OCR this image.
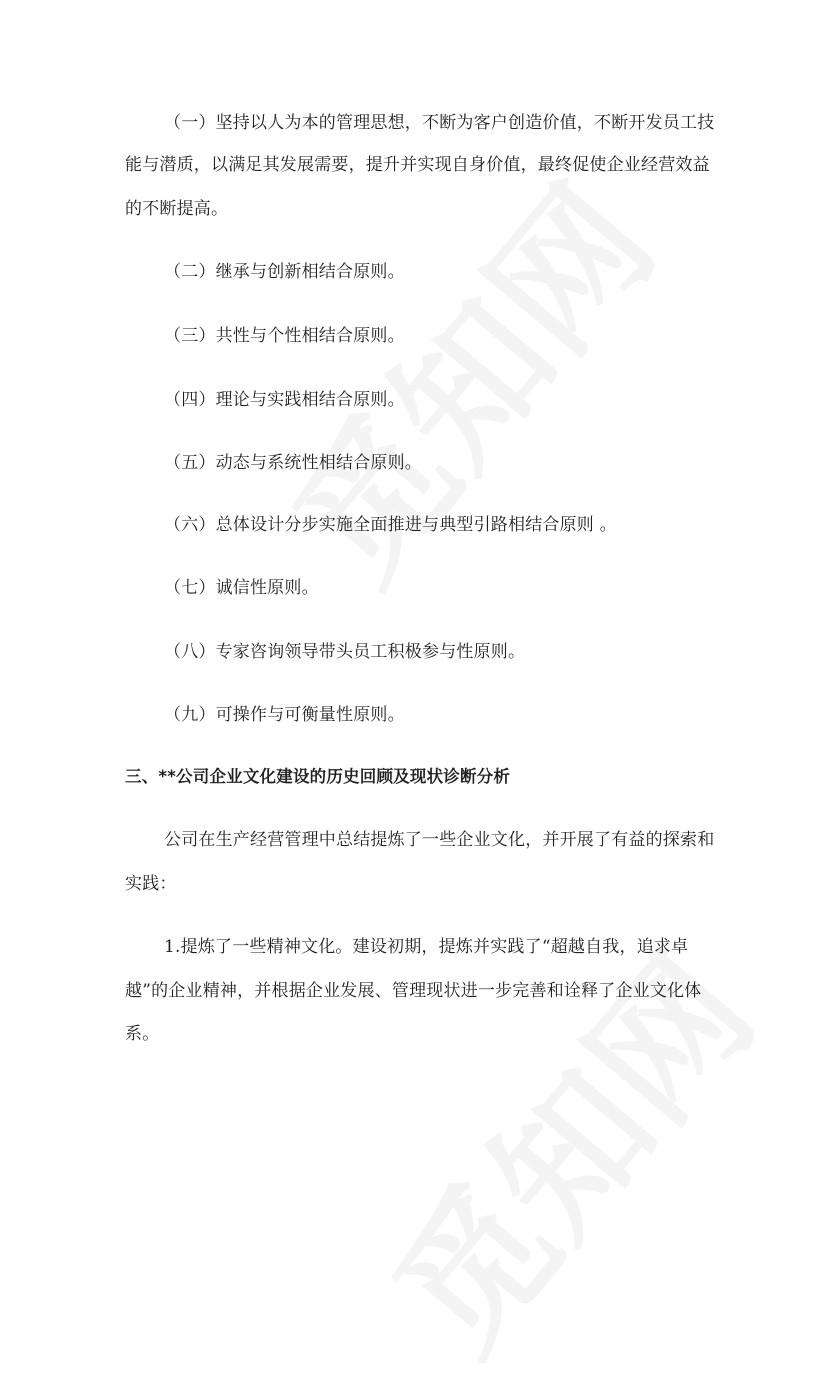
（一）坚持以人为本的管理思想，不断为客户创造价值，不断开发员工技
能与潜质，以满足其发展需要，提升并实现自身价值，最终促使企业经营效益
的不断提高。
（二）继承与创新相结合原则。
（三）共性与个性相结合原则。
（四）理论与实践相结合原则。
（五）动态与系统性相结合原则。
（六）总体设计分步实施全面推进与典型引路相结合原则 。
（七）诚信性原则。
（八）专家咨询领导带头员工积极参与性原则。
（九）可操作与可衡量性原则。
三、**公司企业文化建设的历史回顾及现状诊断分析
公司在生产经营管理中总结提炼了一些企业文化，并开展了有益的探索和
实践：
1.提炼了一些精神文化。建设初期，提炼并实践了“超越自我，追求卓
越”的企业精神，并根据企业发展、管理现状进一步完善和诠释了企业文化体
系。
